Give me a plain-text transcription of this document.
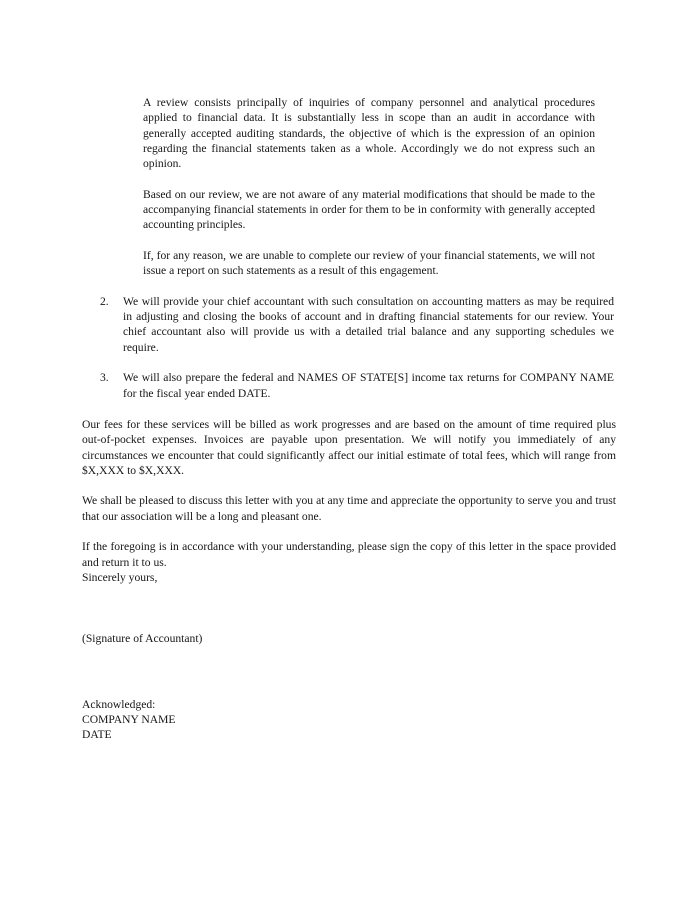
A review consists principally of inquiries of company personnel and analytical procedures applied to financial data. It is substantially less in scope than an audit in accordance with generally accepted auditing standards, the objective of which is the expression of an opinion regarding the financial statements taken as a whole. Accordingly we do not express such an opinion.

Based on our review, we are not aware of any material modifications that should be made to the accompanying financial statements in order for them to be in conformity with generally accepted accounting principles.

If, for any reason, we are unable to complete our review of your financial statements, we will not issue a report on such statements as a result of this engagement.

2.	We will provide your chief accountant with such consultation on accounting matters as may be required in adjusting and closing the books of account and in drafting financial statements for our review. Your chief accountant also will provide us with a detailed trial balance and any supporting schedules we require.
3.	We will also prepare the federal and NAMES OF STATE[S] income tax returns for COMPANY NAME for the fiscal year ended DATE.

Our fees for these services will be billed as work progresses and are based on the amount of time required plus out-of-pocket expenses. Invoices are payable upon presentation. We will notify you immediately of any circumstances we encounter that could significantly affect our initial estimate of total fees, which will range from $X,XXX to $X,XXX.

We shall be pleased to discuss this letter with you at any time and appreciate the opportunity to serve you and trust that our association will be a long and pleasant one.

If the foregoing is in accordance with your understanding, please sign the copy of this letter in the space provided and return it to us.

Sincerely yours,

(Signature of Accountant)

Acknowledged:

COMPANY NAME

DATE
